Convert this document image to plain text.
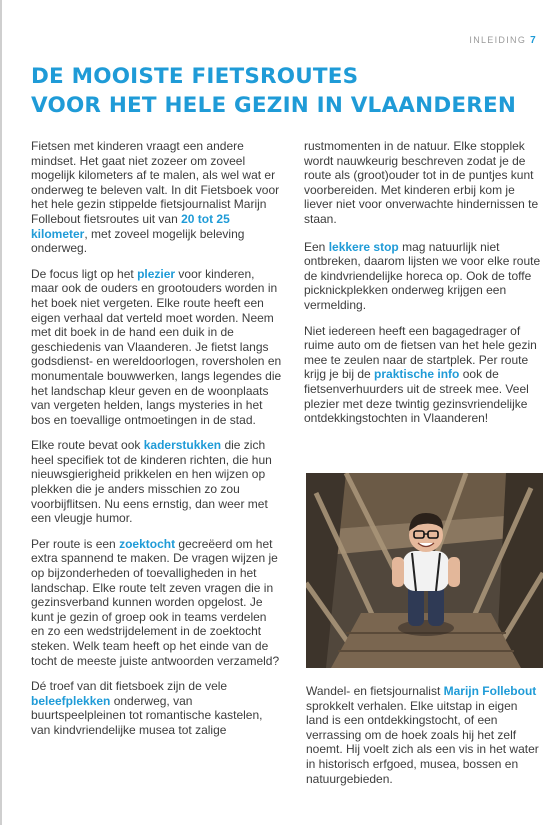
INLEIDING 7
DE MOOISTE FIETSROUTES
VOOR HET HELE GEZIN IN VLAANDEREN

Fietsen met kinderen vraagt een andere mindset. Het gaat niet zozeer om zoveel mogelijk kilometers af te malen, als wel wat er onderweg te beleven valt. In dit Fietsboek voor het hele gezin stippelde fietsjournalist Marijn Follebout fietsroutes uit van 20 tot 25 kilometer, met zoveel mogelijk beleving onderweg.

De focus ligt op het plezier voor kinderen, maar ook de ouders en grootouders worden in het boek niet vergeten. Elke route heeft een eigen verhaal dat verteld moet worden. Neem met dit boek in de hand een duik in de geschiedenis van Vlaanderen. Je fietst langs godsdienst- en wereldoorlogen, roversholen en monumentale bouwwerken, langs legendes die het landschap kleur geven en de woonplaats van vergeten helden, langs mysteries in het bos en toevallige ontmoetingen in de stad.

Elke route bevat ook kaderstukken die zich heel specifiek tot de kinderen richten, die hun nieuwsgierigheid prikkelen en hen wijzen op plekken die je anders misschien zo zou voorbijflitsen. Nu eens ernstig, dan weer met een vleugje humor.

Per route is een zoektocht gecreëerd om het extra spannend te maken. De vragen wijzen je op bijzonderheden of toevalligheden in het landschap. Elke route telt zeven vragen die in gezinsverband kunnen worden opgelost. Je kunt je gezin of groep ook in teams verdelen en zo een wedstrijdelement in de zoektocht steken. Welk team heeft op het einde van de tocht de meeste juiste antwoorden verzameld?

Dé troef van dit fietsboek zijn de vele beleefplekken onderweg, van buurtspeelpleinen tot romantische kastelen, van kindvriendelijke musea tot zalige

rustmomenten in de natuur. Elke stopplek wordt nauwkeurig beschreven zodat je de route als (groot)ouder tot in de puntjes kunt voorbereiden. Met kinderen erbij kom je liever niet voor onverwachte hindernissen te staan.

Een lekkere stop mag natuurlijk niet ontbreken, daarom lijsten we voor elke route de kindvriendelijke horeca op. Ook de toffe picknickplekken onderweg krijgen een vermelding.

Niet iedereen heeft een bagagedrager of ruime auto om de fietsen van het hele gezin mee te zeulen naar de startplek. Per route krijg je bij de praktische info ook de fietsenverhuurders uit de streek mee. Veel plezier met deze twintig gezinsvriendelijke ontdekkingstochten in Vlaanderen!

Wandel- en fietsjournalist Marijn Follebout sprokkelt verhalen. Elke uitstap in eigen land is een ontdekkingstocht, of een verrassing om de hoek zoals hij het zelf noemt. Hij voelt zich als een vis in het water in historisch erfgoed, musea, bossen en natuurgebieden.
